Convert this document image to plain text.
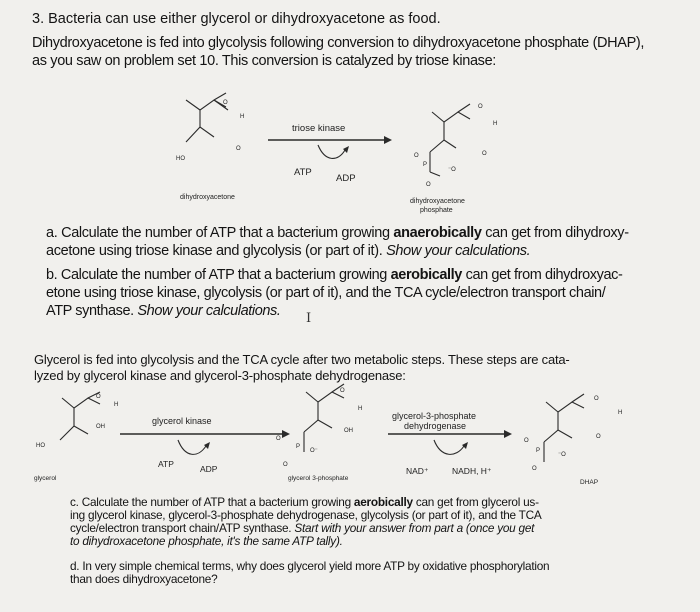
3. Bacteria can use either glycerol or dihydroxyacetone as food.
Dihydroxyacetone is fed into glycolysis following conversion to dihydroxyacetone phosphate (DHAP),
as you saw on problem set 10. This conversion is catalyzed by triose kinase:
O
H
O
HO
triose kinase
ATP
ADP
O
H
O
O
P
⁻O
O
dihydroxyacetone
dihydroxyacetone
phosphate
a. Calculate the number of ATP that a bacterium growing anaerobically can get from dihydroxy-
acetone using triose kinase and glycolysis (or part of it). Show your calculations.
b. Calculate the number of ATP that a bacterium growing aerobically can get from dihydroxyac-
etone using triose kinase, glycolysis (or part of it), and the TCA cycle/electron transport chain/
ATP synthase. Show your calculations.	I
Glycerol is fed into glycolysis and the TCA cycle after two metabolic steps. These steps are cata-
lyzed by glycerol kinase and glycerol-3-phosphate dehydrogenase:
O
H
OH
HO
glycerol kinase
ATP	ADP
O
H
OH
O
P
O⁻
O
glycerol-3-phosphate
dehydrogenase
NAD⁺	NADH, H⁺
O
H
O
O
P
⁻O
O
glycerol	glycerol 3-phosphate
DHAP
c. Calculate the number of ATP that a bacterium growing aerobically can get from glycerol us-
ing glycerol kinase, glycerol-3-phosphate dehydrogenase, glycolysis (or part of it), and the TCA
cycle/electron transport chain/ATP synthase. Start with your answer from part a (once you get
to dihydroxacetone phosphate, it's the same ATP tally).
d. In very simple chemical terms, why does glycerol yield more ATP by oxidative phosphorylation
than does dihydroxyacetone?
